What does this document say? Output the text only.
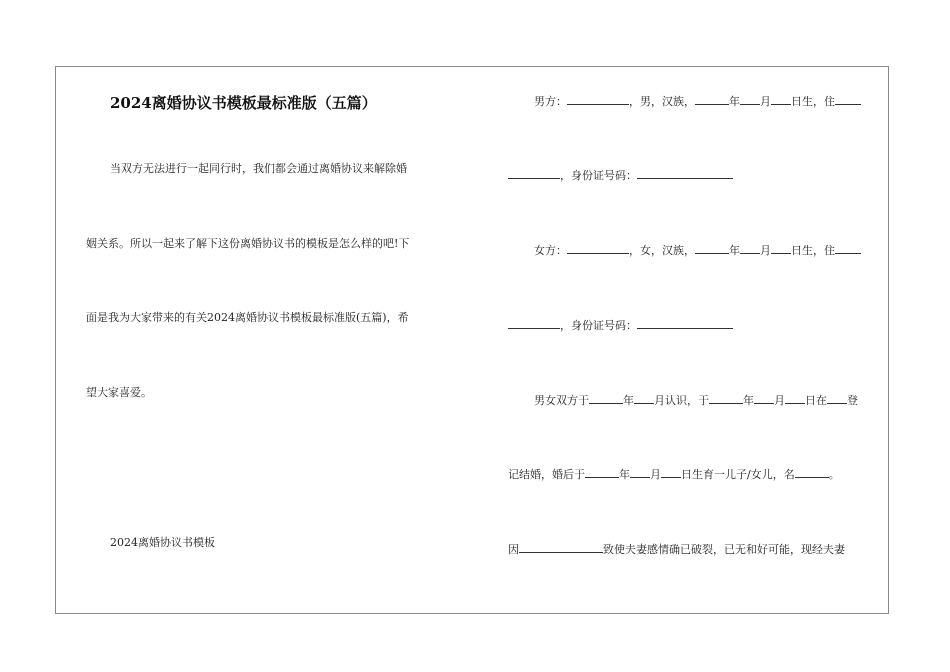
2024离婚协议书模板最标准版（五篇）
当双方无法进行一起同行时，我们都会通过离婚协议来解除婚
姻关系。所以一起来了解下这份离婚协议书的模板是怎么样的吧!下
面是我为大家带来的有关2024离婚协议书模板最标准版(五篇)，希
望大家喜爱。
2024离婚协议书模板
男方：	，男，汉族，	年 月 日生，住
，身份证号码：
女方：	，女，汉族，	年 月 日生，住
，身份证号码：
男女双方于	年 月认识，于	年 月 日在 登
记结婚，婚后于	年 月 日生育一儿子/女儿，名	。
因	致使夫妻感情确已破裂，已无和好可能，现经夫妻
